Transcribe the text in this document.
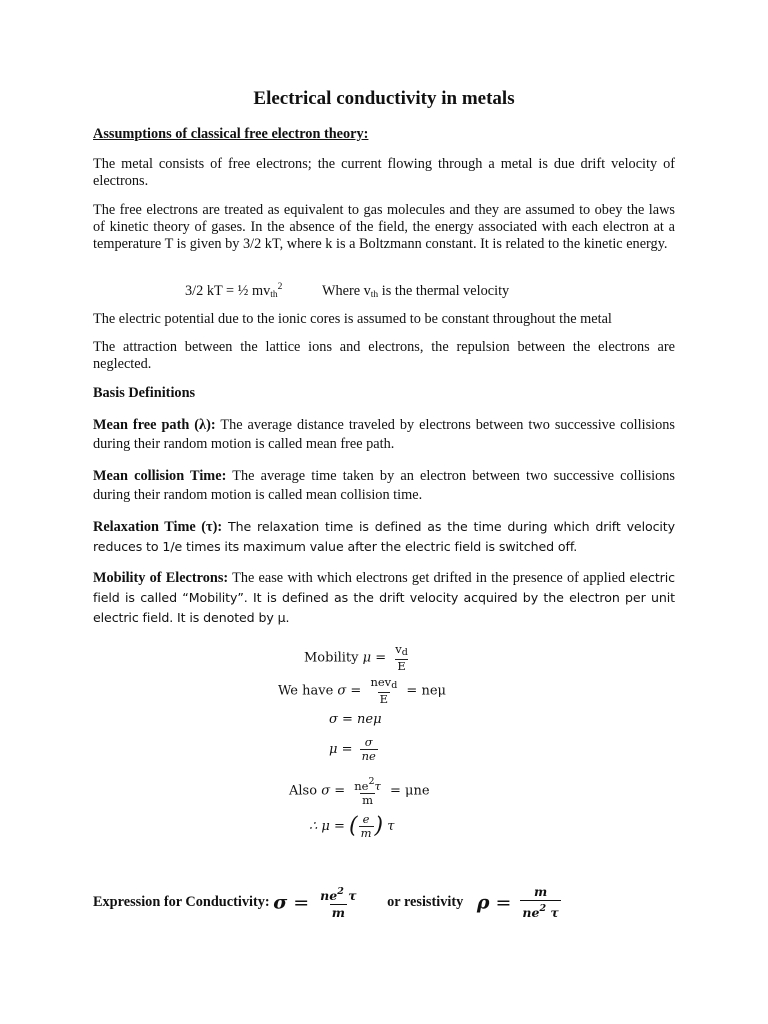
Electrical conductivity in metals
Assumptions of classical free electron theory:

The metal consists of free electrons; the current flowing through a metal is due drift velocity of electrons.

The free electrons are treated as equivalent to gas molecules and they are assumed to obey the laws of kinetic theory of gases. In the absence of the field, the energy associated with each electron at a temperature T is given by 3/2 kT, where k is a Boltzmann constant. It is related to the kinetic energy.

3/2 kT = ½ $mv_{th}^2$	Where $v_{th}$ is the thermal velocity

The electric potential due to the ionic cores is assumed to be constant throughout the metal

The attraction between the lattice ions and electrons, the repulsion between the electrons are neglected.

Basis Definitions

Mean free path (λ): The average distance traveled by electrons between two successive collisions during their random motion is called mean free path.

Mean collision Time: The average time taken by an electron between two successive collisions during their random motion is called mean collision time.

Relaxation Time (τ): The relaxation time is defined as the time during which drift velocity reduces to 1/e times its maximum value after the electric field is switched off.

Mobility of Electrons: The ease with which electrons get drifted in the presence of applied electric field is called “Mobility”. It is defined as the drift velocity acquired by the electron per unit electric field. It is denoted by μ.

Mobility $\mu = \frac{v_d}{E}$
We have $\sigma = \frac{nev_d}{E} = ne\mu$
σ = neμ
$\mu = \frac{\sigma}{ne}$
Also $\sigma = \frac{ne^2\tau}{m} = \mu ne$
∴ μ = ( $\frac{e}{m}$ ) τ
Expression for Conductivity: $\sigma = \frac{ne^2 \tau}{m}$ or resistivity $\rho = \frac{m}{ne^2 \tau}$
